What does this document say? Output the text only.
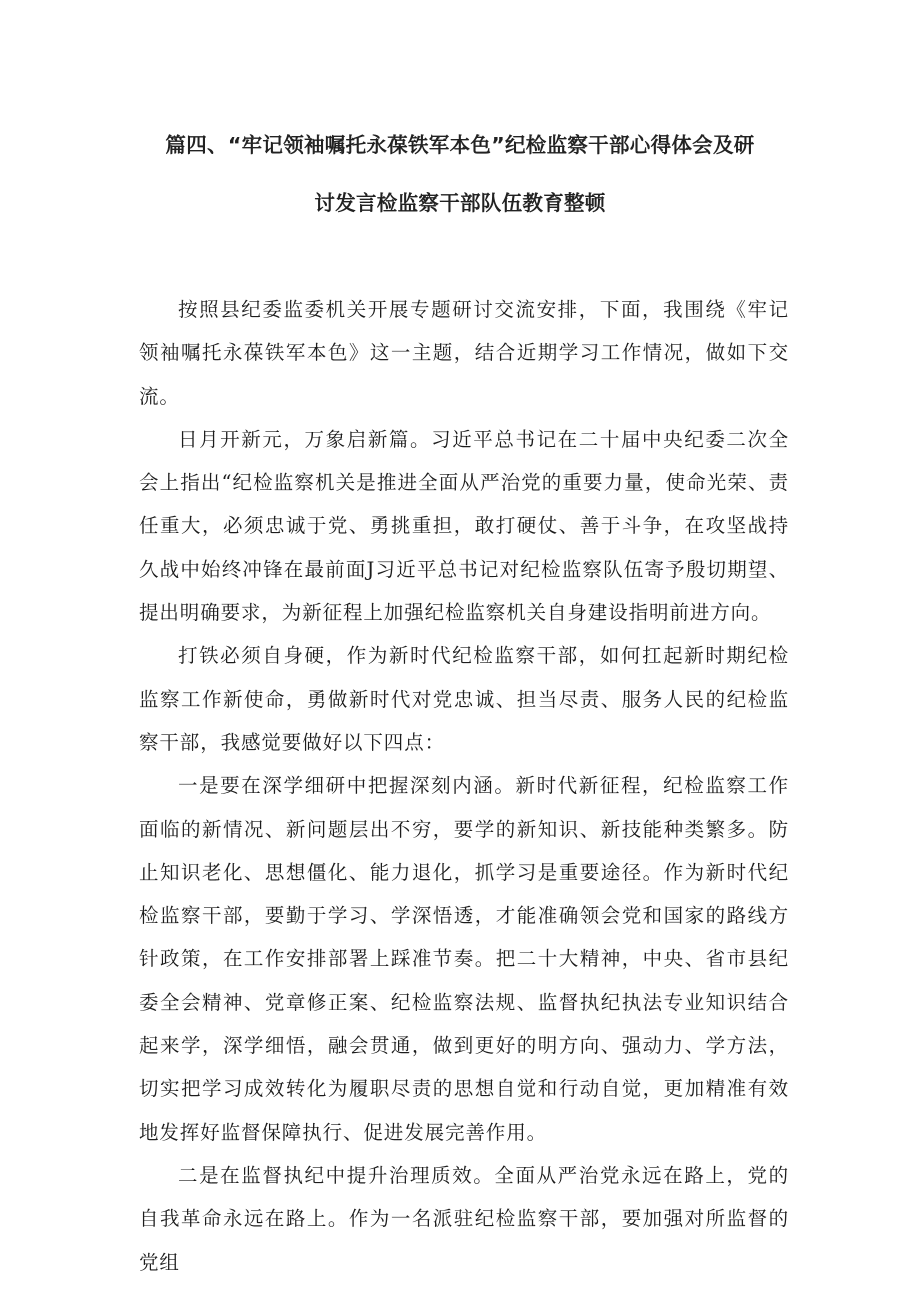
篇四、“牢记领袖嘱托永葆铁军本色”纪检监察干部心得体会及研
讨发言检监察干部队伍教育整顿

按照县纪委监委机关开展专题研讨交流安排，下面，我围绕《牢记领袖嘱托永葆铁军本色》这一主题，结合近期学习工作情况，做如下交流。

日月开新元，万象启新篇。习近平总书记在二十届中央纪委二次全会上指出“纪检监察机关是推进全面从严治党的重要力量，使命光荣、责任重大，必须忠诚于党、勇挑重担，敢打硬仗、善于斗争，在攻坚战持久战中始终冲锋在最前面J习近平总书记对纪检监察队伍寄予殷切期望、提出明确要求，为新征程上加强纪检监察机关自身建设指明前进方向。

打铁必须自身硬，作为新时代纪检监察干部，如何扛起新时期纪检监察工作新使命，勇做新时代对党忠诚、担当尽责、服务人民的纪检监察干部，我感觉要做好以下四点：

一是要在深学细研中把握深刻内涵。新时代新征程，纪检监察工作面临的新情况、新问题层出不穷，要学的新知识、新技能种类繁多。防止知识老化、思想僵化、能力退化，抓学习是重要途径。作为新时代纪检监察干部，要勤于学习、学深悟透，才能准确领会党和国家的路线方针政策，在工作安排部署上踩准节奏。把二十大精神，中央、省市县纪委全会精神、党章修正案、纪检监察法规、监督执纪执法专业知识结合起来学，深学细悟，融会贯通，做到更好的明方向、强动力、学方法，切实把学习成效转化为履职尽责的思想自觉和行动自觉，更加精准有效地发挥好监督保障执行、促进发展完善作用。

二是在监督执纪中提升治理质效。全面从严治党永远在路上，党的自我革命永远在路上。作为一名派驻纪检监察干部，要加强对所监督的党组
